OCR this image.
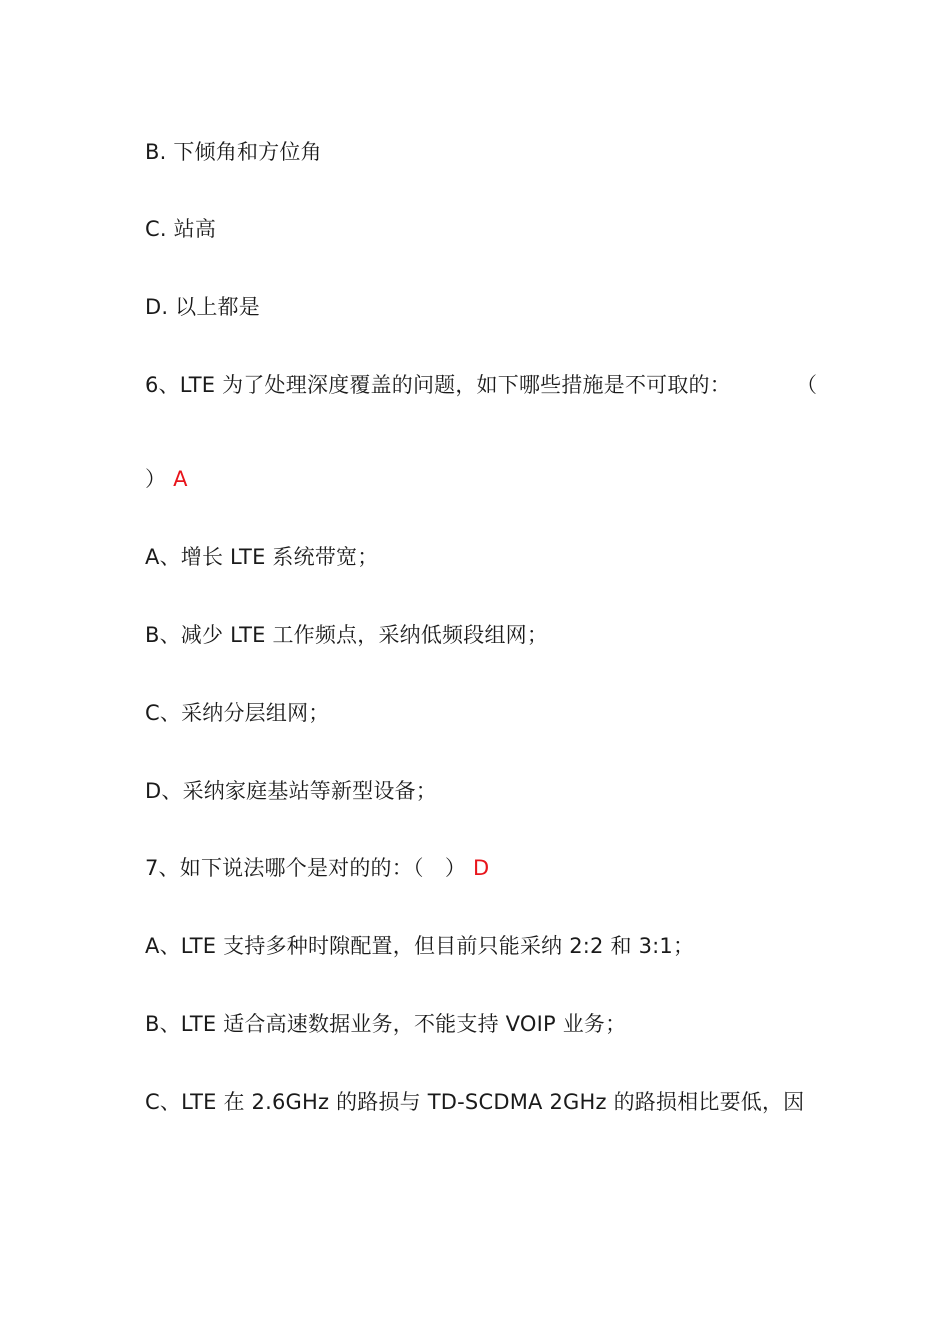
B. 下倾角和方位角
C. 站高
D. 以上都是
6、LTE 为了处理深度覆盖的问题，如下哪些措施是不可取的：	（
） A
A、增长 LTE 系统带宽；
B、减少 LTE 工作频点，采纳低频段组网；
C、采纳分层组网；
D、采纳家庭基站等新型设备；
7、如下说法哪个是对的的：（　） D
A、LTE 支持多种时隙配置，但目前只能采纳 2:2 和 3:1；
B、LTE 适合高速数据业务，不能支持 VOIP 业务；
C、LTE 在 2.6GHz 的路损与 TD-SCDMA 2GHz 的路损相比要低，因
